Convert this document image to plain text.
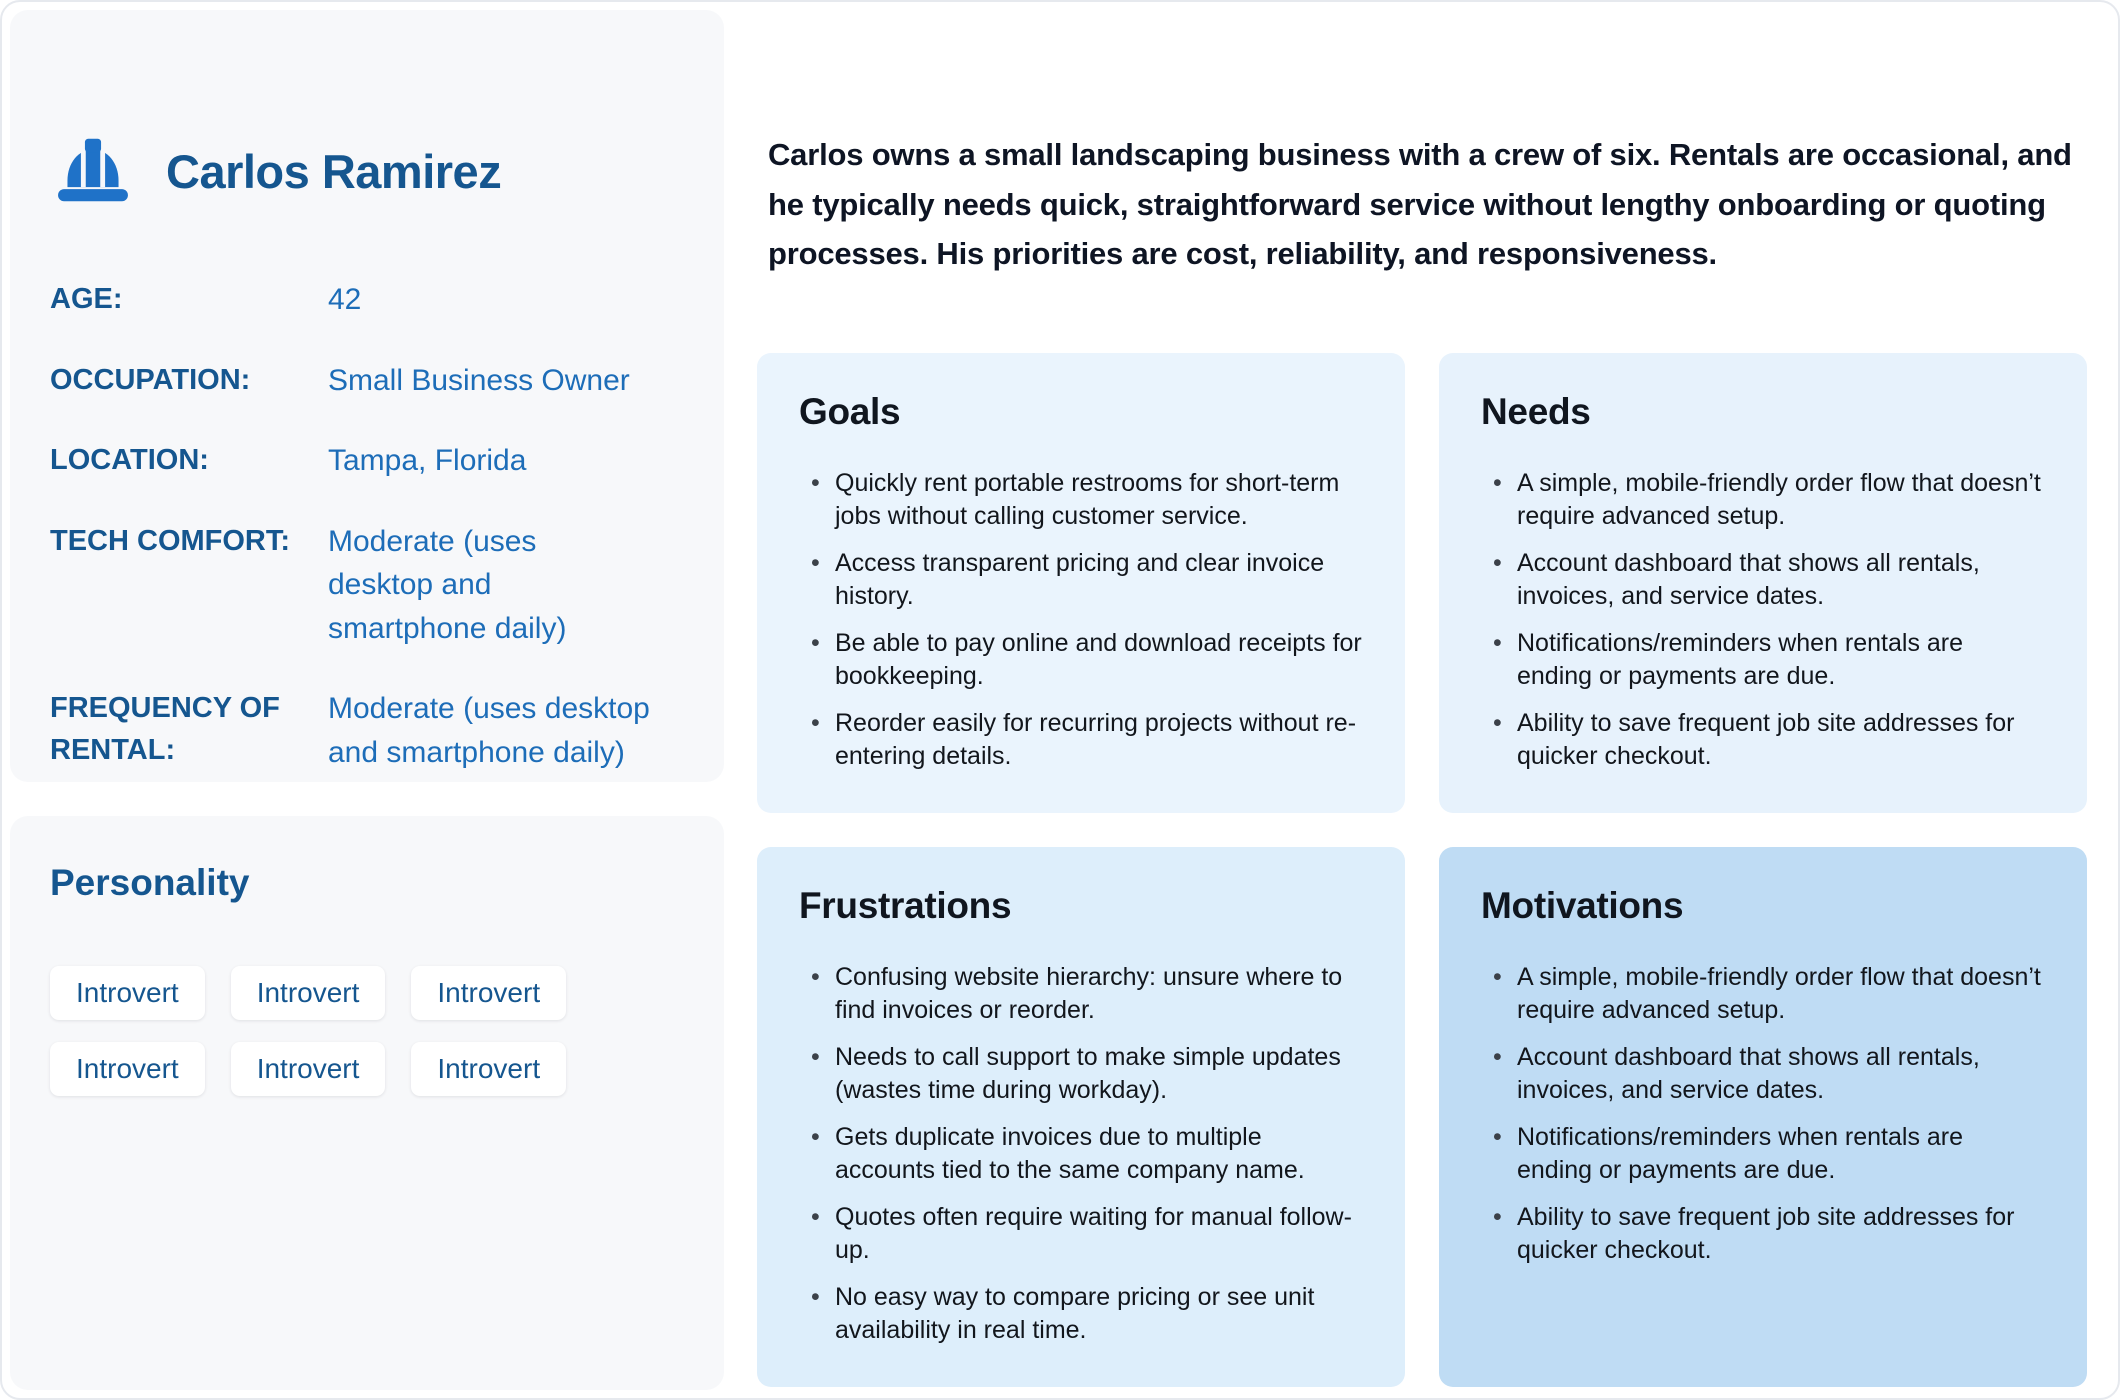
Carlos Ramirez
AGE:	42
OCCUPATION:	Small Business Owner
LOCATION:	Tampa, Florida
TECH COMFORT:	Moderate (uses desktop and smartphone daily)
FREQUENCY OF RENTAL:
Moderate (uses desktop and smartphone daily)
Personality
Introvert	Introvert	Introvert
Introvert	Introvert	Introvert

Carlos owns a small landscaping business with a crew of six. Rentals are occasional, and he typically needs quick, straightforward service without lengthy onboarding or quoting processes. His priorities are cost, reliability, and responsiveness.

Goals
• Quickly rent portable restrooms for short-term jobs without calling customer service.
• Access transparent pricing and clear invoice history.
• Be able to pay online and download receipts for bookkeeping.
• Reorder easily for recurring projects without re-entering details.
Needs
• A simple, mobile-friendly order flow that doesn’t require advanced setup.
• Account dashboard that shows all rentals, invoices, and service dates.
• Notifications/reminders when rentals are ending or payments are due.
• Ability to save frequent job site addresses for quicker checkout.
Frustrations
• Confusing website hierarchy: unsure where to find invoices or reorder.
• Needs to call support to make simple updates (wastes time during workday).
• Gets duplicate invoices due to multiple accounts tied to the same company name.
• Quotes often require waiting for manual follow-up.
• No easy way to compare pricing or see unit availability in real time.
Motivations
• A simple, mobile-friendly order flow that doesn’t require advanced setup.
• Account dashboard that shows all rentals, invoices, and service dates.
• Notifications/reminders when rentals are ending or payments are due.
• Ability to save frequent job site addresses for quicker checkout.
